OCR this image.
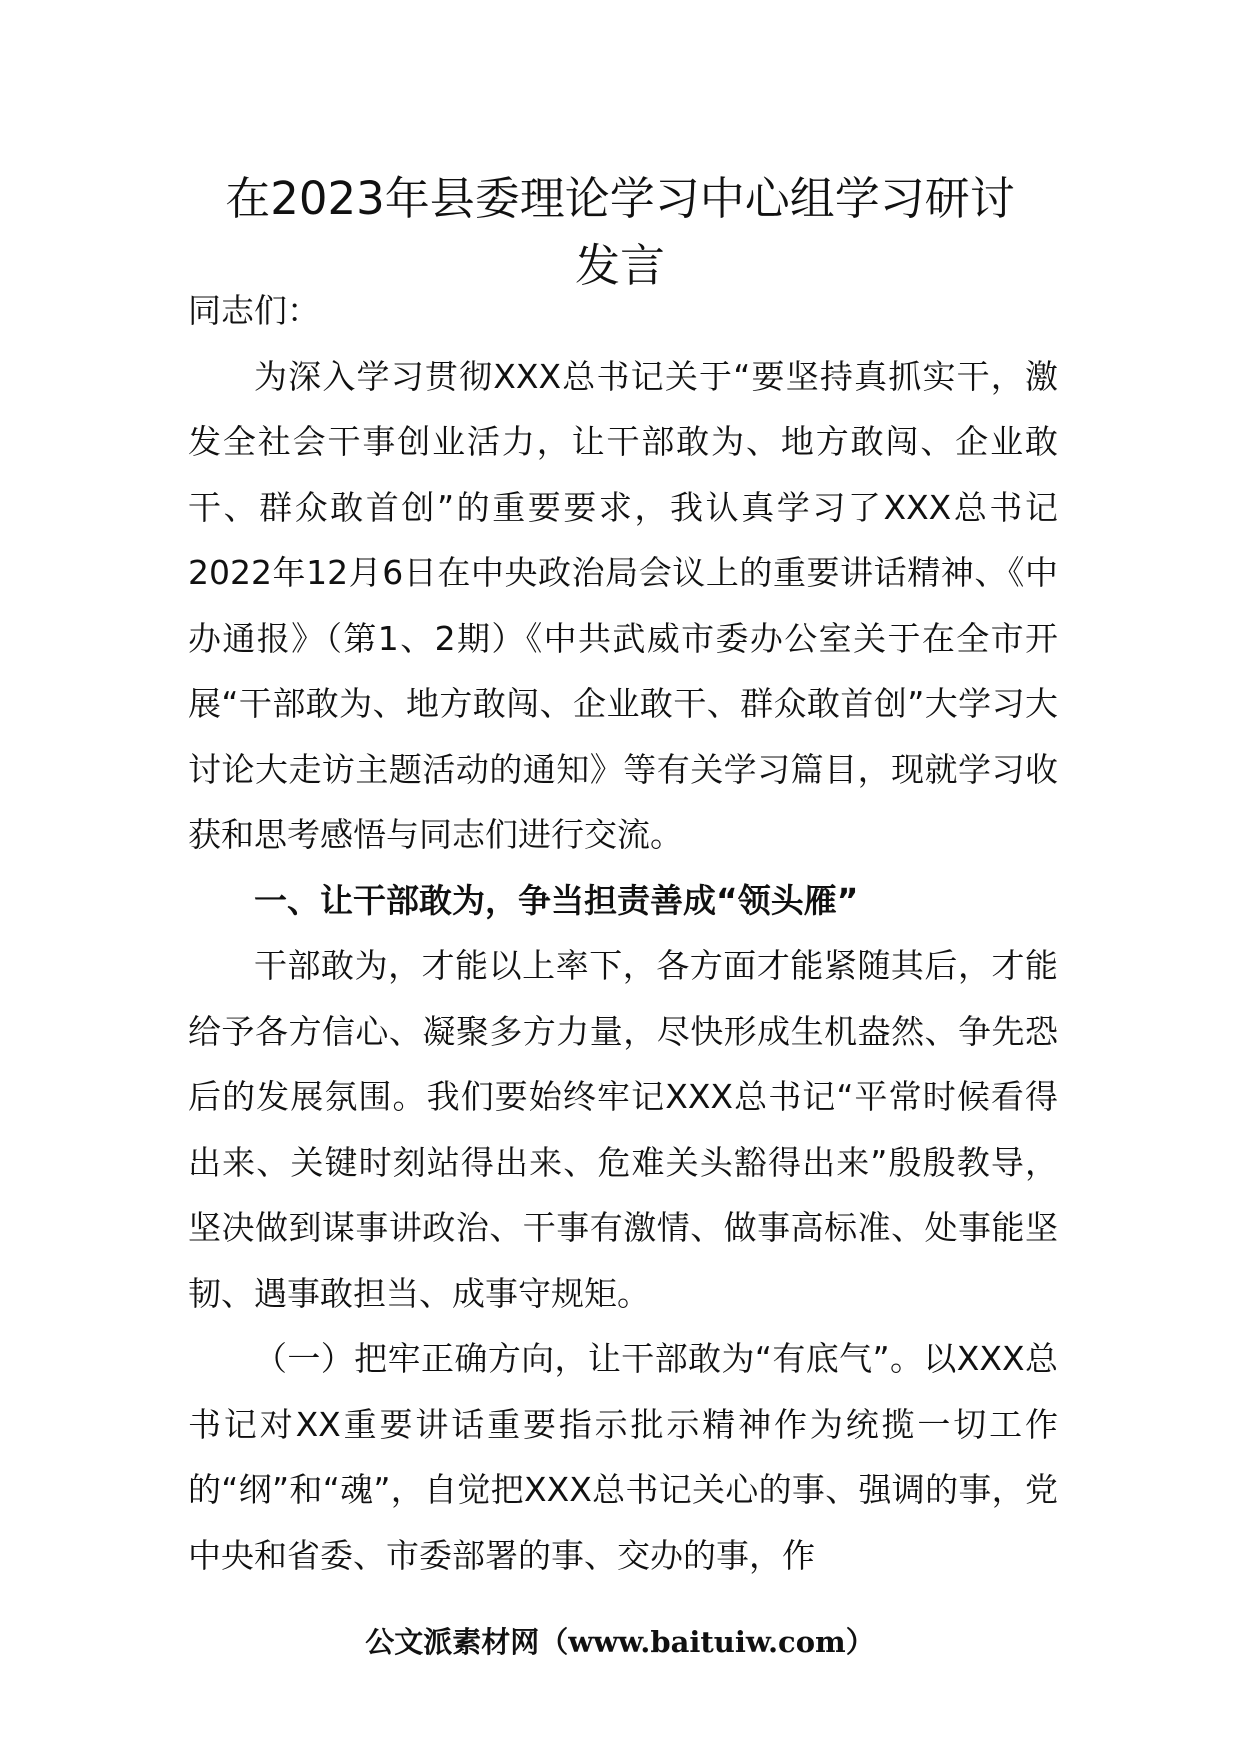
在2023年县委理论学习中心组学习研讨
发言

同志们：

为深入学习贯彻XXX总书记关于“要坚持真抓实干，激发全社会干事创业活力，让干部敢为、地方敢闯、企业敢干、群众敢首创”的重要要求，我认真学习了XXX总书记2022年12月6日在中央政治局会议上的重要讲话精神、《中办通报》（第1、2期）《中共武威市委办公室关于在全市开展“干部敢为、地方敢闯、企业敢干、群众敢首创”大学习大讨论大走访主题活动的通知》等有关学习篇目，现就学习收获和思考感悟与同志们进行交流。

一、让干部敢为，争当担责善成“领头雁”

干部敢为，才能以上率下，各方面才能紧随其后，才能给予各方信心、凝聚多方力量，尽快形成生机盎然、争先恐后的发展氛围。我们要始终牢记XXX总书记“平常时候看得出来、关键时刻站得出来、危难关头豁得出来”殷殷教导，坚决做到谋事讲政治、干事有激情、做事高标准、处事能坚韧、遇事敢担当、成事守规矩。

（一）把牢正确方向，让干部敢为“有底气”。以XXX总书记对XX重要讲话重要指示批示精神作为统揽一切工作的“纲”和“魂”，自觉把XXX总书记关心的事、强调的事，党中央和省委、市委部署的事、交办的事，作

公文派素材网（www.baituiw.com）
